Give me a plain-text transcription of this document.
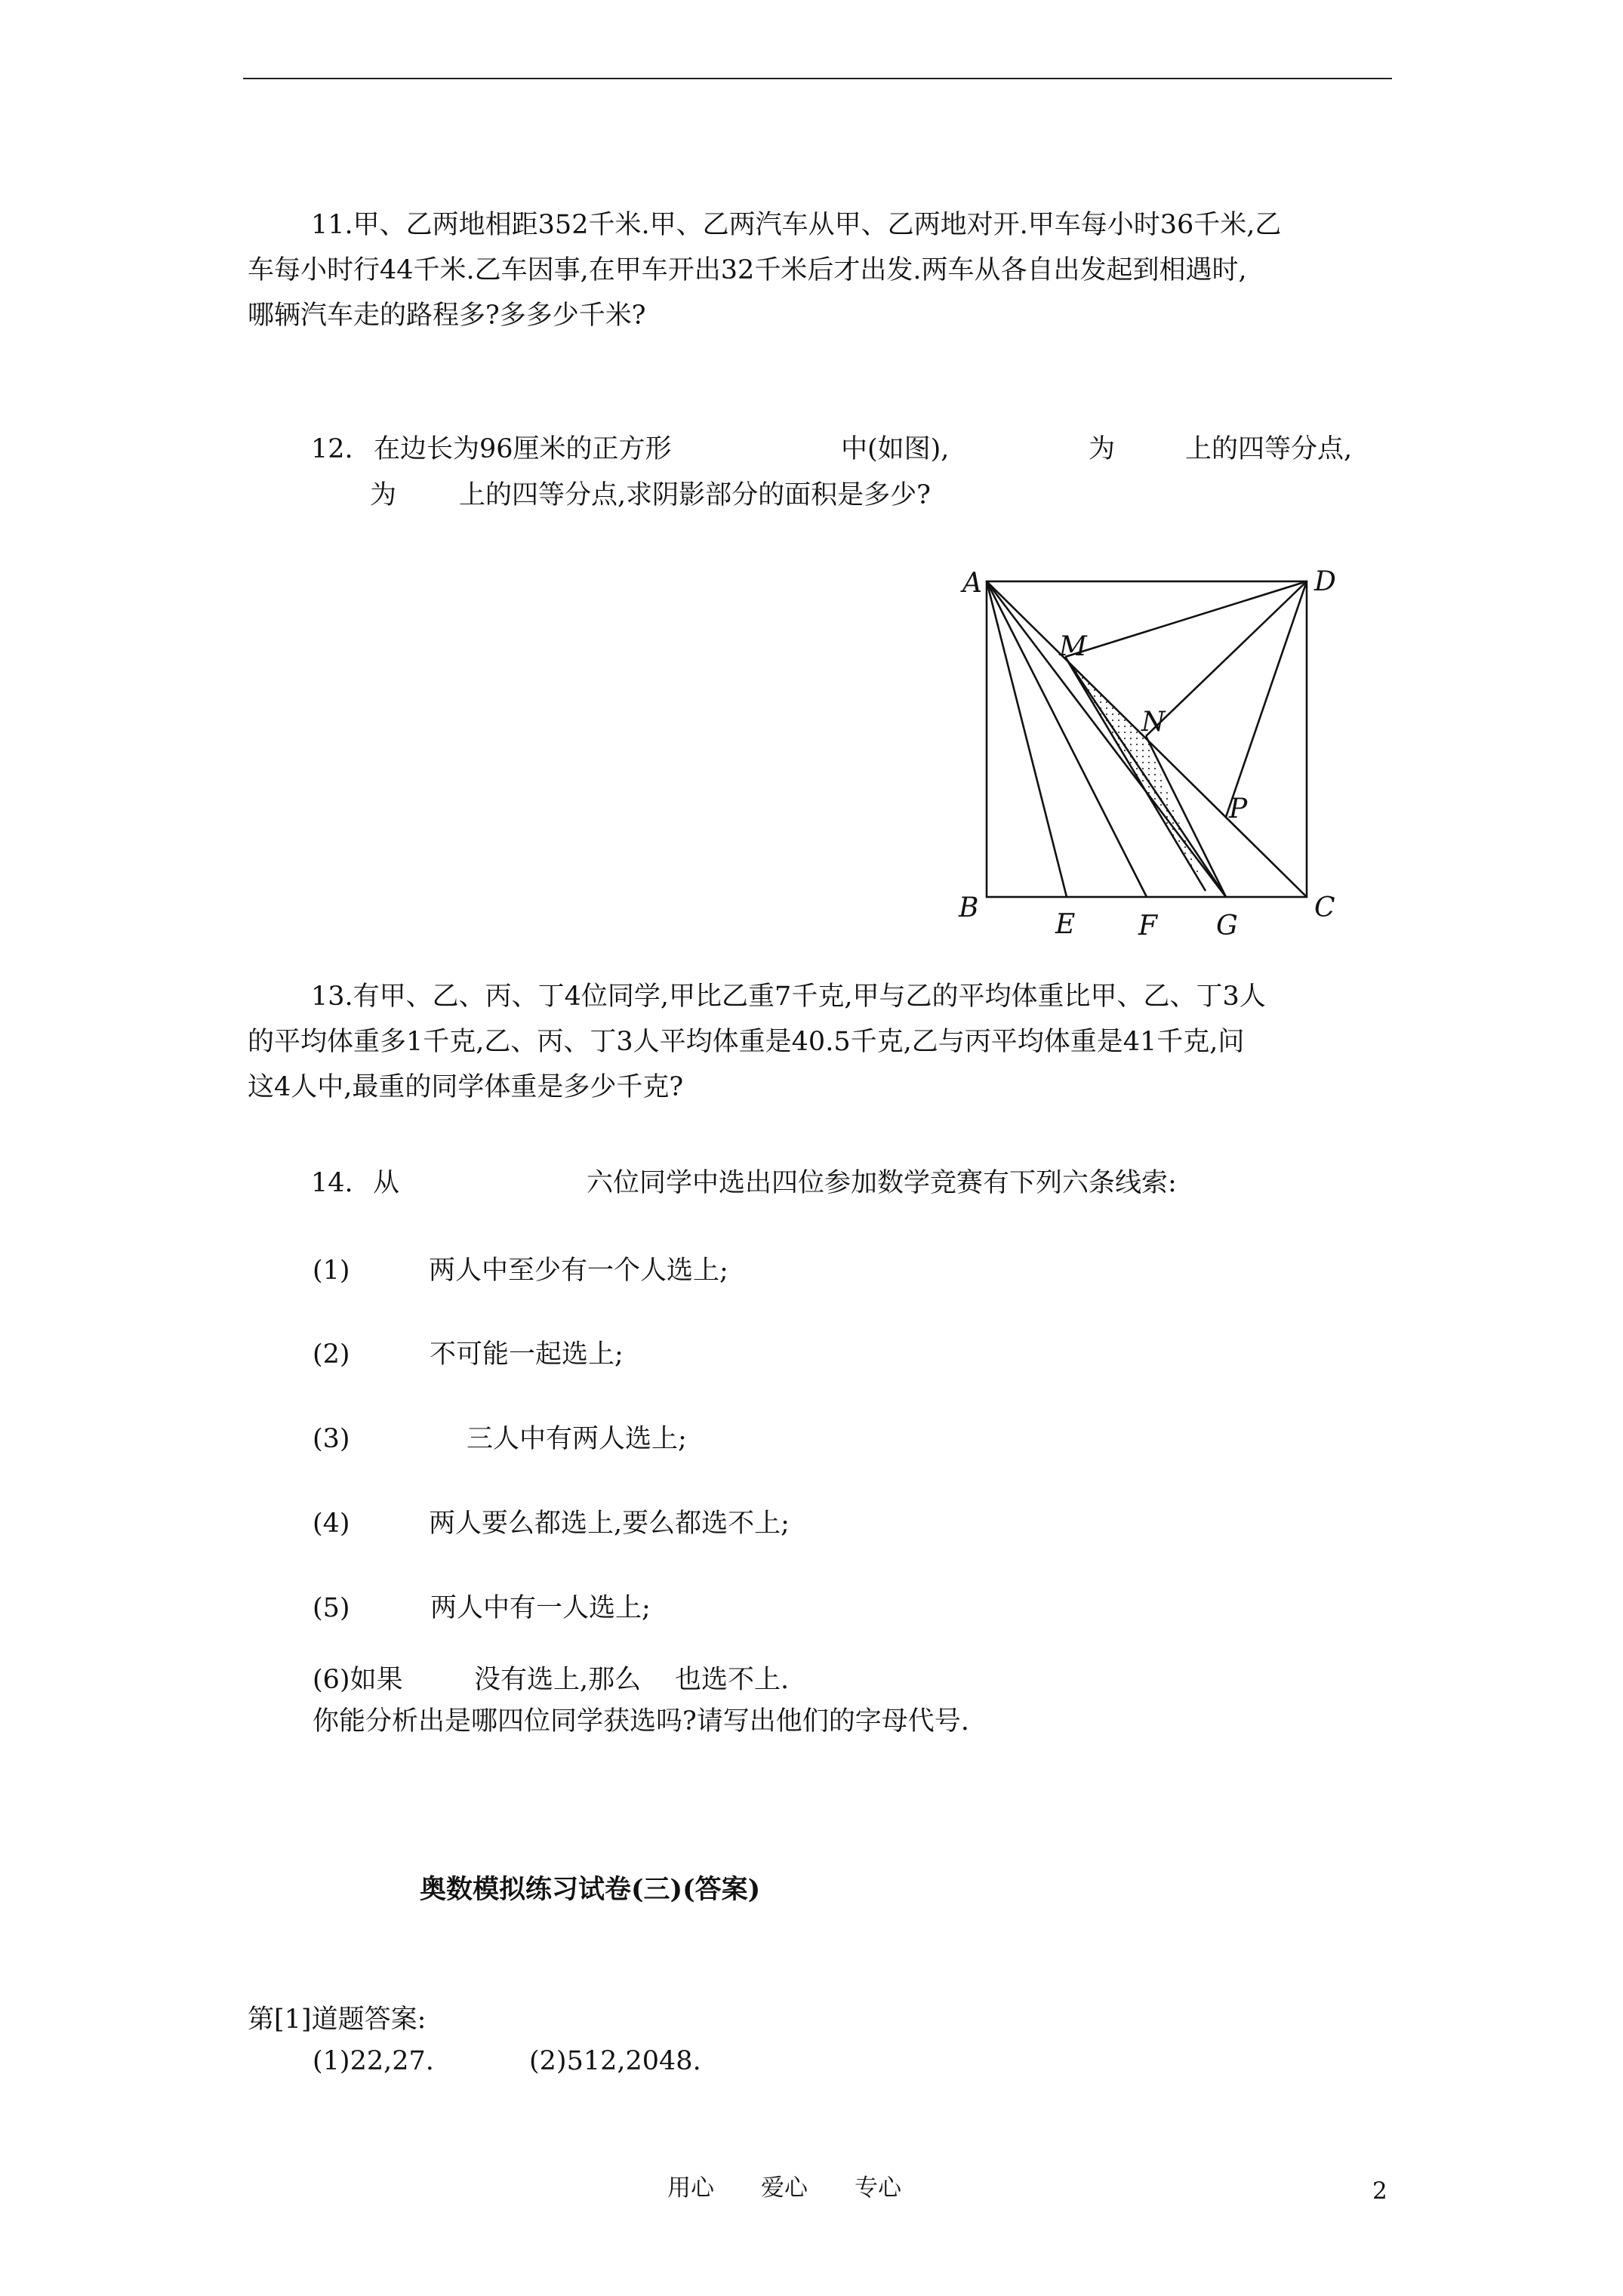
11.甲、乙两地相距352千米.甲、乙两汽车从甲、乙两地对开.甲车每小时36千米,乙

车每小时行44千米.乙车因事,在甲车开出32千米后才出发.两车从各自出发起到相遇时,

哪辆汽车走的路程多?多多少千米?

12. 在边长为96厘米的正方形	中(如图),	为	上的四等分点,
为 上的四等分点,求阴影部分的面积是多少?
A	D
M
N
P
B
E F G
C

13.有甲、乙、丙、丁4位同学,甲比乙重7千克,甲与乙的平均体重比甲、乙、丁3人

的平均体重多1千克,乙、丙、丁3人平均体重是40.5千克,乙与丙平均体重是41千克,问

这4人中,最重的同学体重是多少千克?

14. 从	六位同学中选出四位参加数学竞赛有下列六条线索:
(1)	两人中至少有一个人选上;
(2)	不可能一起选上;
(3)	三人中有两人选上;
(4)	两人要么都选上,要么都选不上;
(5)	两人中有一人选上;
(6)如果	没有选上,那么 也选不上.
你能分析出是哪四位同学获选吗?请写出他们的字母代号.
奥数模拟练习试卷(三)(答案)
第[1]道题答案:
(1)22,27.	(2)512,2048.
用心　　爱心　　专心	2
